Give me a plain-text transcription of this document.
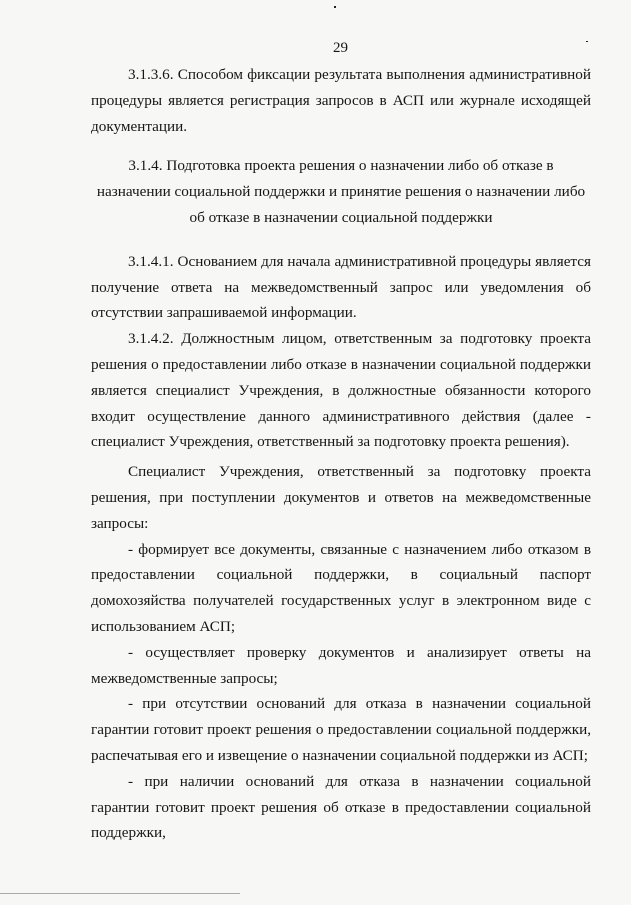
29

3.1.3.6. Способом фиксации результата выполнения административной процедуры является регистрация запросов в АСП или журнале исходящей документации.

3.1.4. Подготовка проекта решения о назначении либо об отказе в назначении социальной поддержки и принятие решения о назначении либо об отказе в назначении социальной поддержки

3.1.4.1. Основанием для начала административной процедуры является получение ответа на межведомственный запрос или уведомления об отсутствии запрашиваемой информации.

3.1.4.2. Должностным лицом, ответственным за подготовку проекта решения о предоставлении либо отказе в назначении социальной поддержки является специалист Учреждения, в должностные обязанности которого входит осуществление данного административного действия (далее - специалист Учреждения, ответственный за подготовку проекта решения).

Специалист Учреждения, ответственный за подготовку проекта решения, при поступлении документов и ответов на межведомственные запросы:

- формирует все документы, связанные с назначением либо отказом в предоставлении социальной поддержки, в социальный паспорт домохозяйства получателей государственных услуг в электронном виде с использованием АСП;

- осуществляет проверку документов и анализирует ответы на межведомственные запросы;

- при отсутствии оснований для отказа в назначении социальной гарантии готовит проект решения о предоставлении социальной поддержки, распечатывая его и извещение о назначении социальной поддержки из АСП;

- при наличии оснований для отказа в назначении социальной гарантии готовит проект решения об отказе в предоставлении социальной поддержки,
